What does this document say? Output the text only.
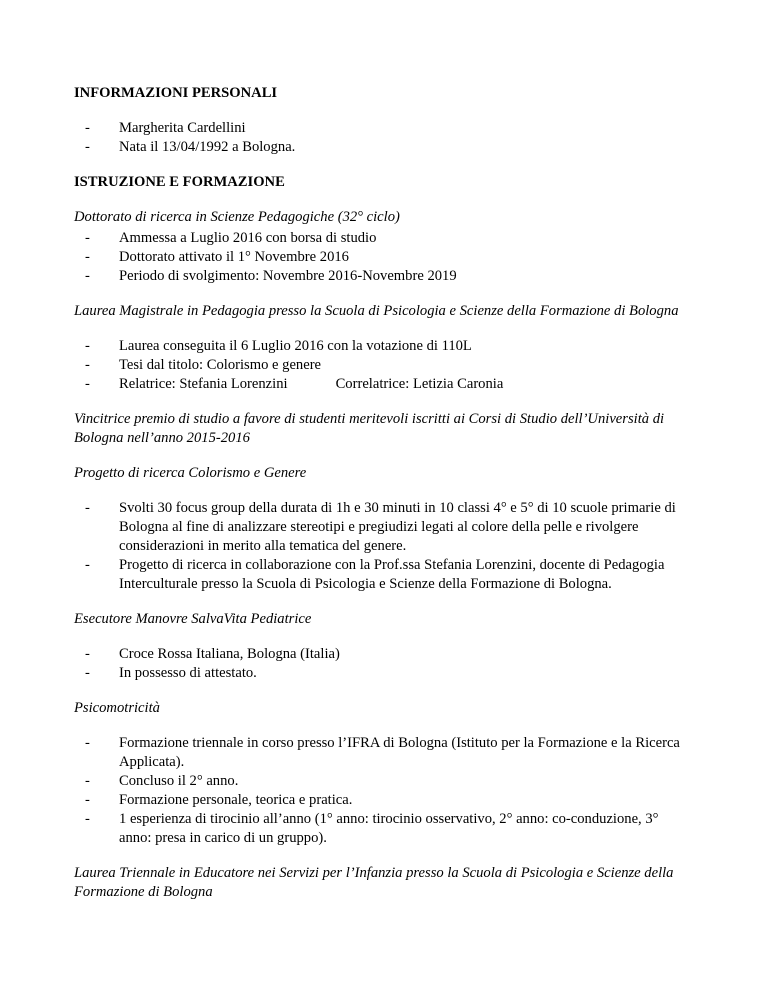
INFORMAZIONI PERSONALI

- Margherita Cardellini
- Nata il 13/04/1992 a Bologna.

ISTRUZIONE E FORMAZIONE

Dottorato di ricerca in Scienze Pedagogiche (32° ciclo)

- Ammessa a Luglio 2016 con borsa di studio
- Dottorato attivato il 1° Novembre 2016
- Periodo di svolgimento: Novembre 2016-Novembre 2019

Laurea Magistrale in Pedagogia presso la Scuola di Psicologia e Scienze della Formazione di Bologna

- Laurea conseguita il 6 Luglio 2016 con la votazione di 110L
- Tesi dal titolo: Colorismo e genere
- Relatrice: Stefania Lorenzini	Correlatrice: Letizia Caronia

Vincitrice premio di studio a favore di studenti meritevoli iscritti ai Corsi di Studio dell’Università di Bologna nell’anno 2015-2016

Progetto di ricerca Colorismo e Genere

- Svolti 30 focus group della durata di 1h e 30 minuti in 10 classi 4° e 5° di 10 scuole primarie di Bologna al fine di analizzare stereotipi e pregiudizi legati al colore della pelle e rivolgere considerazioni in merito alla tematica del genere.
- Progetto di ricerca in collaborazione con la Prof.ssa Stefania Lorenzini, docente di Pedagogia Interculturale presso la Scuola di Psicologia e Scienze della Formazione di Bologna.

Esecutore Manovre SalvaVita Pediatrice

- Croce Rossa Italiana, Bologna (Italia)
- In possesso di attestato.

Psicomotricità

- Formazione triennale in corso presso l’IFRA di Bologna (Istituto per la Formazione e la Ricerca Applicata).
- Concluso il 2° anno.
- Formazione personale, teorica e pratica.
- 1 esperienza di tirocinio all’anno (1° anno: tirocinio osservativo, 2° anno: co-conduzione, 3° anno: presa in carico di un gruppo).

Laurea Triennale in Educatore nei Servizi per l’Infanzia presso la Scuola di Psicologia e Scienze della Formazione di Bologna
